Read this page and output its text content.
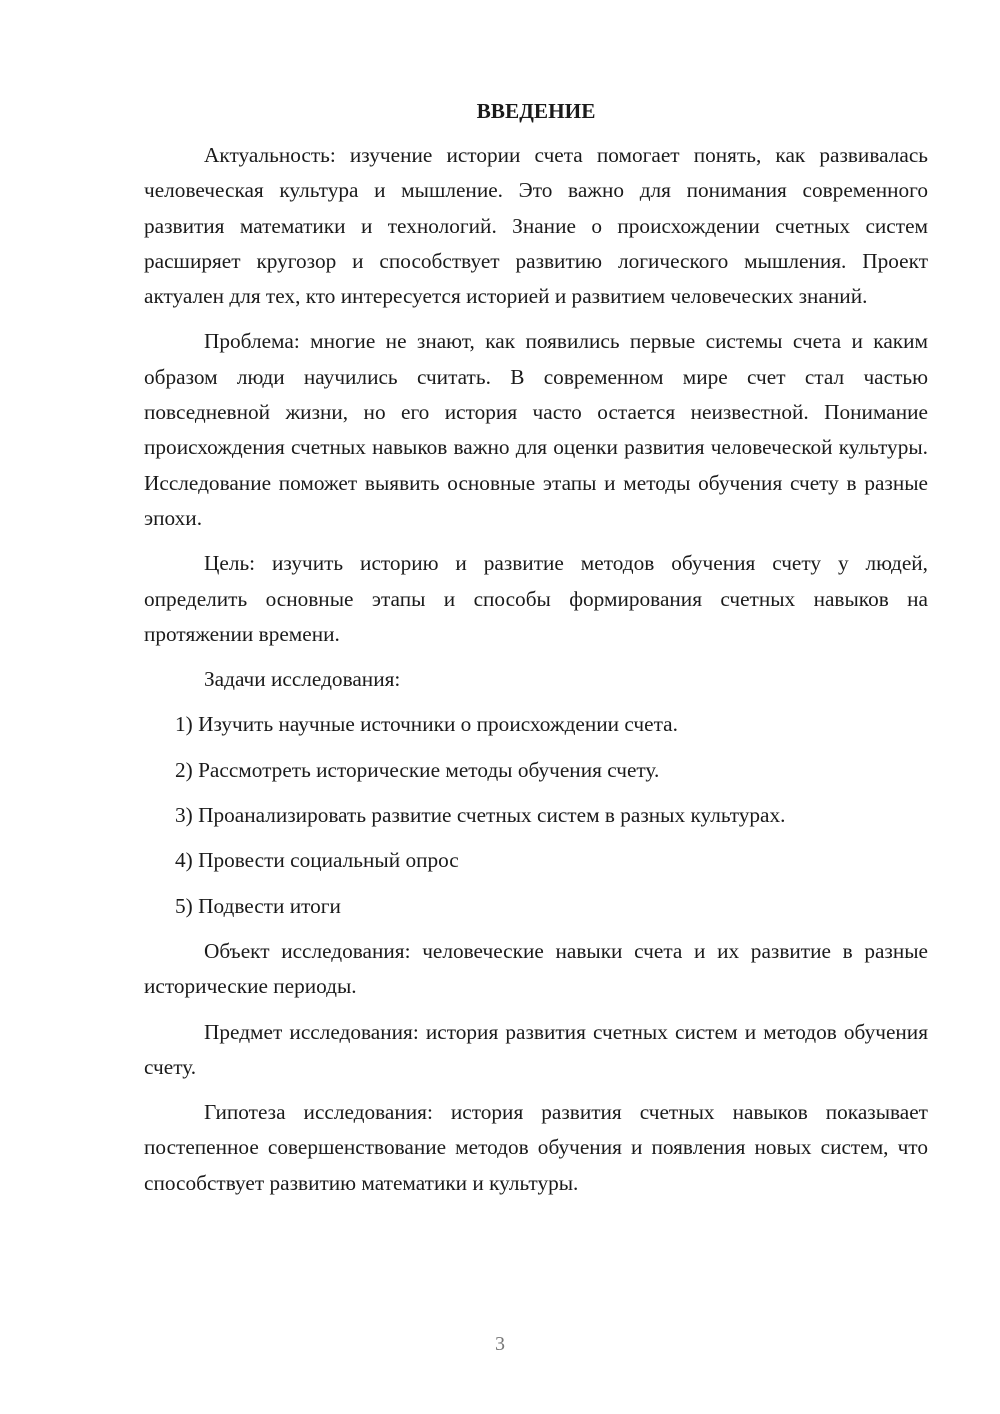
ВВЕДЕНИЕ

Актуальность: изучение истории счета помогает понять, как развивалась человеческая культура и мышление. Это важно для понимания современного развития математики и технологий. Знание о происхождении счетных систем расширяет кругозор и способствует развитию логического мышления. Проект актуален для тех, кто интересуется историей и развитием человеческих знаний.

Проблема: многие не знают, как появились первые системы счета и каким образом люди научились считать. В современном мире счет стал частью повседневной жизни, но его история часто остается неизвестной. Понимание происхождения счетных навыков важно для оценки развития человеческой культуры. Исследование поможет выявить основные этапы и методы обучения счету в разные эпохи.

Цель: изучить историю и развитие методов обучения счету у людей, определить основные этапы и способы формирования счетных навыков на протяжении времени.

Задачи исследования:
1) Изучить научные источники о происхождении счета.
2) Рассмотреть исторические методы обучения счету.
3) Проанализировать развитие счетных систем в разных культурах.
4) Провести социальный опрос
5) Подвести итоги

Объект исследования: человеческие навыки счета и их развитие в разные исторические периоды.

Предмет исследования: история развития счетных систем и методов обучения счету.

Гипотеза исследования: история развития счетных навыков показывает постепенное совершенствование методов обучения и появления новых систем, что способствует развитию математики и культуры.

3
